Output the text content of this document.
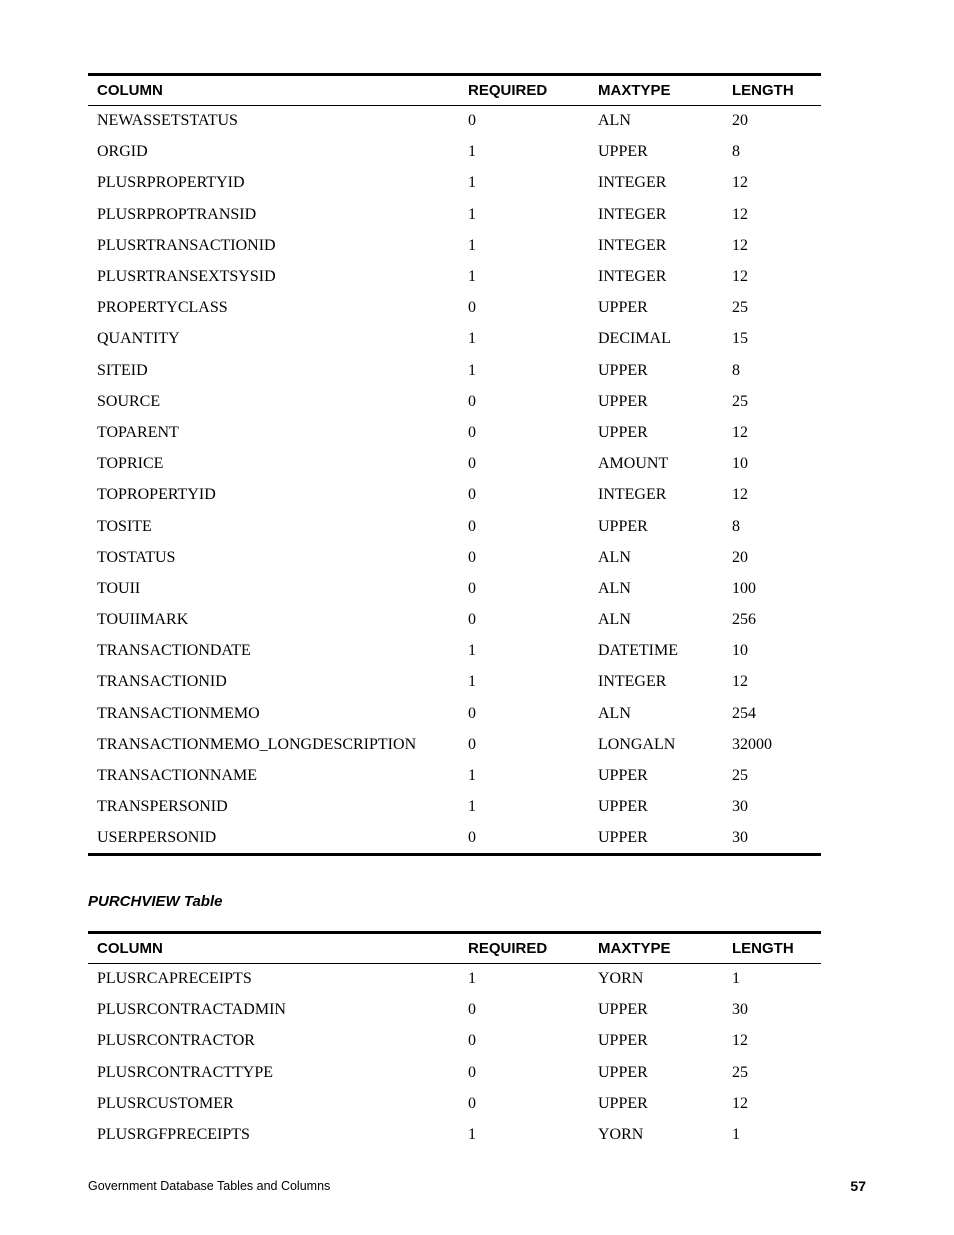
COLUMN	REQUIRED	MAXTYPE	LENGTH
NEWASSETSTATUS	0	ALN	20
ORGID	1	UPPER	8
PLUSRPROPERTYID	1	INTEGER	12
PLUSRPROPTRANSID	1	INTEGER	12
PLUSRTRANSACTIONID	1	INTEGER	12
PLUSRTRANSEXTSYSID	1	INTEGER	12
PROPERTYCLASS	0	UPPER	25
QUANTITY	1	DECIMAL	15
SITEID	1	UPPER	8
SOURCE	0	UPPER	25
TOPARENT	0	UPPER	12
TOPRICE	0	AMOUNT	10
TOPROPERTYID	0	INTEGER	12
TOSITE	0	UPPER	8
TOSTATUS	0	ALN	20
TOUII	0	ALN	100
TOUIIMARK	0	ALN	256
TRANSACTIONDATE	1	DATETIME	10
TRANSACTIONID	1	INTEGER	12
TRANSACTIONMEMO	0	ALN	254
TRANSACTIONMEMO_LONGDESCRIPTION	0	LONGALN	32000
TRANSACTIONNAME	1	UPPER	25
TRANSPERSONID	1	UPPER	30
USERPERSONID	0	UPPER	30
PURCHVIEW Table
COLUMN	REQUIRED	MAXTYPE	LENGTH
PLUSRCAPRECEIPTS	1	YORN	1
PLUSRCONTRACTADMIN	0	UPPER	30
PLUSRCONTRACTOR	0	UPPER	12
PLUSRCONTRACTTYPE	0	UPPER	25
PLUSRCUSTOMER	0	UPPER	12
PLUSRGFPRECEIPTS	1	YORN	1
Government Database Tables and Columns	57
